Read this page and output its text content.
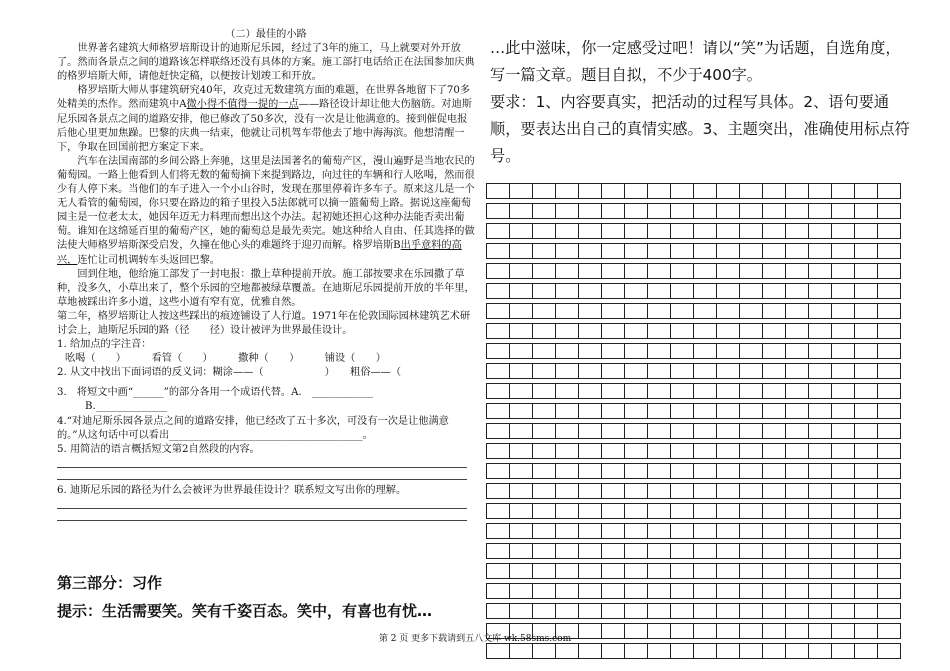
（二）最佳的小路

世界著名建筑大师格罗培斯设计的迪斯尼乐园，经过了3年的施工，马上就要对外开放了。然而各景点之间的道路该怎样联络还没有具体的方案。施工部打电话给正在法国参加庆典的格罗培斯大师，请他赶快定稿，以便按计划竣工和开放。

格罗培斯大师从事建筑研究40年，攻克过无数建筑方面的难题，在世界各地留下了70多处精美的杰作。然而建筑中A微小得不值得一提的一点——路径设计却让他大伤脑筋。对迪斯尼乐园各景点之间的道路安排，他已修改了50多次，没有一次是让他满意的。接到催促电报后他心里更加焦躁。巴黎的庆典一结束，他就让司机驾车带他去了地中海海滨。他想清醒一下，争取在回国前把方案定下来。

汽车在法国南部的乡间公路上奔驰，这里是法国著名的葡萄产区，漫山遍野是当地农民的葡萄园。一路上他看到人们将无数的葡萄摘下来提到路边，向过往的车辆和行人吆喝，然而很少有人停下来。当他们的车子进入一个小山谷时，发现在那里停着许多车子。原来这儿是一个无人看管的葡萄园，你只要在路边的箱子里投入5法郎就可以摘一篮葡萄上路。据说这座葡萄园主是一位老太太，她因年迈无力料理而想出这个办法。起初她还担心这种办法能否卖出葡萄。谁知在这绵延百里的葡萄产区，她的葡萄总是最先卖完。她这种给人自由、任其选择的做法使大师格罗培斯深受启发，久撞在他心头的难题终于迎刃而解。格罗培斯B出乎意料的高兴，连忙让司机调转车头返回巴黎。

回到住地，他给施工部发了一封电报：撒上草种提前开放。施工部按要求在乐园撒了草种，没多久，小草出来了，整个乐园的空地都被绿草覆盖。在迪斯尼乐园提前开放的半年里，草地被踩出许多小道，这些小道有窄有宽，优雅自然。

第二年，格罗培斯让人按这些踩出的痕迹铺设了人行道。1971年在伦敦国际园林建筑艺术研讨会上，迪斯尼乐园的路（径　　径）设计被评为世界最佳设计。

1. 给加点的字注音：

吆喝（　　）　　　看管（　　）　　　撒种（　　）　　　铺设（　　）

2. 从文中找出下面词语的反义词：糊涂——（　　　　　　）　　粗俗——（

3.　将短文中画“______”的部分各用一个成语代替。A.　____________

B.______________

4.“对迪尼斯乐园各景点之间的道路安排，他已经改了五十多次，可没有一次是让他满意的。”从这句话中可以看出______________________________________。

5. 用简洁的语言概括短文第2自然段的内容。

6. 迪斯尼乐园的路径为什么会被评为世界最佳设计？联系短文写出你的理解。

第三部分：习作
提示：生活需要笑。笑有千姿百态。笑中，有喜也有忧…

…此中滋味，你一定感受过吧！请以“笑”为话题，自选角度，写一篇文章。题目自拟，不少于400字。

要求：1、内容要真实，把活动的过程写具体。2、语句要通顺，要表达出自己的真情实感。3、主题突出，准确使用标点符号。

第 2 页 更多下载请到五八文库 wk.58sms.com
